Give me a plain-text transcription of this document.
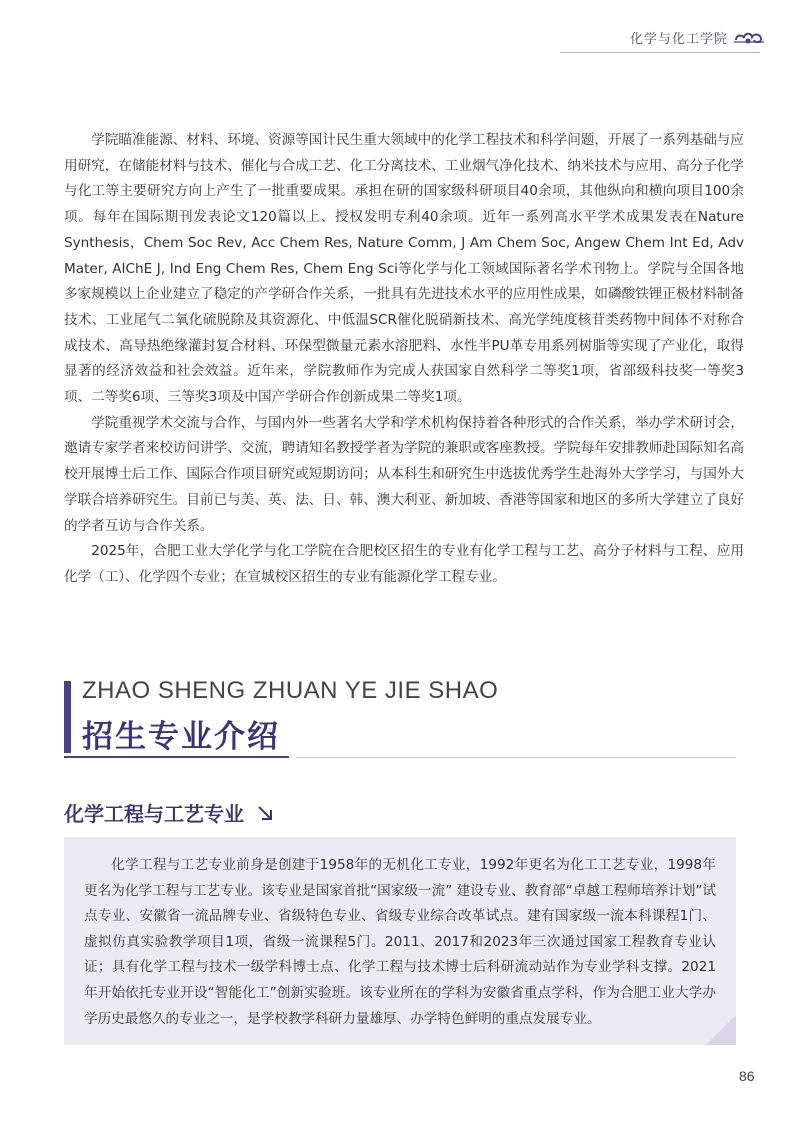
化学与化工学院

学院瞄准能源、材料、环境、资源等国计民生重大领域中的化学工程技术和科学问题，开展了一系列基础与应用研究，在储能材料与技术、催化与合成工艺、化工分离技术、工业烟气净化技术、纳米技术与应用、高分子化学与化工等主要研究方向上产生了一批重要成果。承担在研的国家级科研项目40余项，其他纵向和横向项目100余项。每年在国际期刊发表论文120篇以上、授权发明专利40余项。近年一系列高水平学术成果发表在Nature Synthesis，Chem Soc Rev, Acc Chem Res, Nature Comm, J Am Chem Soc, Angew Chem Int Ed, Adv Mater, AIChE J, Ind Eng Chem Res, Chem Eng Sci等化学与化工领域国际著名学术刊物上。学院与全国各地多家规模以上企业建立了稳定的产学研合作关系，一批具有先进技术水平的应用性成果，如磷酸铁锂正极材料制备技术、工业尾气二氧化硫脱除及其资源化、中低温SCR催化脱硝新技术、高光学纯度核苷类药物中间体不对称合成技术、高导热绝缘灌封复合材料、环保型微量元素水溶肥料、水性半PU革专用系列树脂等实现了产业化，取得显著的经济效益和社会效益。近年来，学院教师作为完成人获国家自然科学二等奖1项，省部级科技奖一等奖3项、二等奖6项、三等奖3项及中国产学研合作创新成果二等奖1项。

学院重视学术交流与合作，与国内外一些著名大学和学术机构保持着各种形式的合作关系，举办学术研讨会，邀请专家学者来校访问讲学、交流，聘请知名教授学者为学院的兼职或客座教授。学院每年安排教师赴国际知名高校开展博士后工作、国际合作项目研究或短期访问；从本科生和研究生中选拔优秀学生赴海外大学学习，与国外大学联合培养研究生。目前已与美、英、法、日、韩、澳大利亚、新加坡、香港等国家和地区的多所大学建立了良好的学者互访与合作关系。

2025年，合肥工业大学化学与化工学院在合肥校区招生的专业有化学工程与工艺、高分子材料与工程、应用化学（工）、化学四个专业；在宣城校区招生的专业有能源化学工程专业。

ZHAO SHENG ZHUAN YE JIE SHAO
招生专业介绍
化学工程与工艺专业

化学工程与工艺专业前身是创建于1958年的无机化工专业，1992年更名为化工工艺专业，1998年更名为化学工程与工艺专业。该专业是国家首批“国家级一流” 建设专业、教育部“卓越工程师培养计划”试点专业、安徽省一流品牌专业、省级特色专业、省级专业综合改革试点。建有国家级一流本科课程1门、虚拟仿真实验教学项目1项，省级一流课程5门。2011、2017和2023年三次通过国家工程教育专业认证；具有化学工程与技术一级学科博士点、化学工程与技术博士后科研流动站作为专业学科支撑。2021年开始依托专业开设“智能化工”创新实验班。该专业所在的学科为安徽省重点学科，作为合肥工业大学办学历史最悠久的专业之一，是学校教学科研力量雄厚、办学特色鲜明的重点发展专业。

86
